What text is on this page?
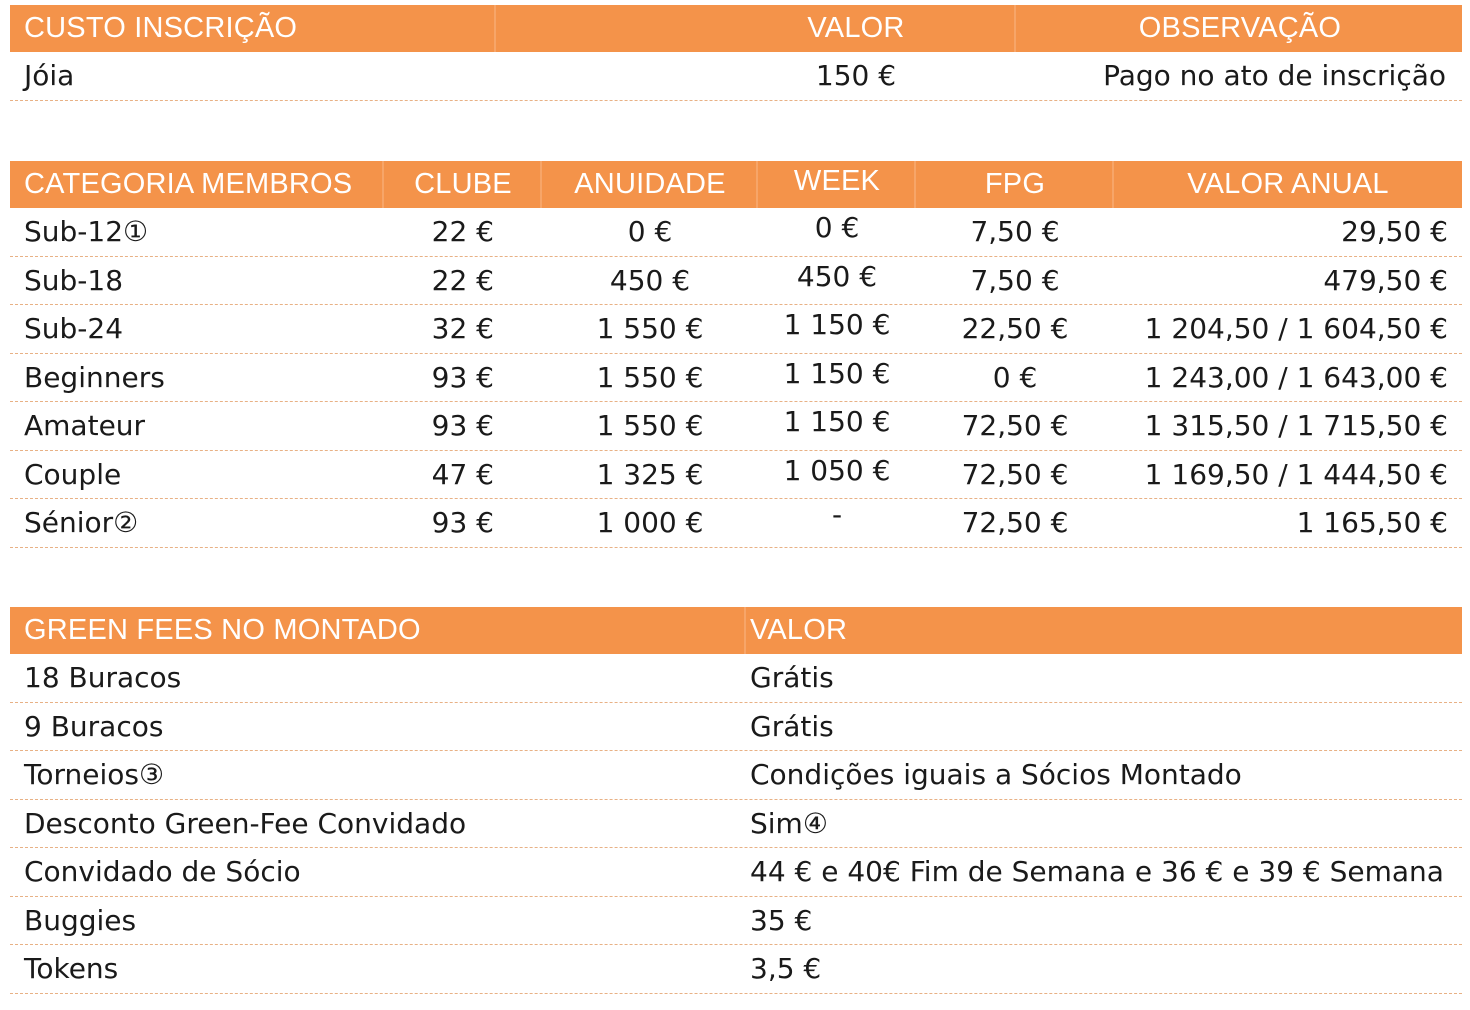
CUSTO INSCRIÇÃO	VALOR	OBSERVAÇÃO
Jóia	150 €	Pago no ato de inscrição
CATEGORIA MEMBROS	CLUBE	ANUIDADE	WEEK	FPG	VALOR ANUAL
Sub-12①	22 €	0 €	0 €	7,50 €	29,50 €
Sub-18	22 €	450 €	450 €	7,50 €	479,50 €
Sub-24	32 €	1 550 €	1 150 €	22,50 €	1 204,50 / 1 604,50 €
Beginners	93 €	1 550 €	1 150 €	0 €	1 243,00 / 1 643,00 €
Amateur	93 €	1 550 €	1 150 €	72,50 €	1 315,50 / 1 715,50 €
Couple	47 €	1 325 €	1 050 €	72,50 €	1 169,50 / 1 444,50 €
Sénior②	93 €	1 000 €	-	72,50 €	1 165,50 €
GREEN FEES NO MONTADO	VALOR
18 Buracos	Grátis
9 Buracos	Grátis
Torneios③	Condições iguais a Sócios Montado
Desconto Green-Fee Convidado	Sim④
Convidado de Sócio	44 € e 40€ Fim de Semana e 36 € e 39 € Semana
Buggies	35 €
Tokens	3,5 €
